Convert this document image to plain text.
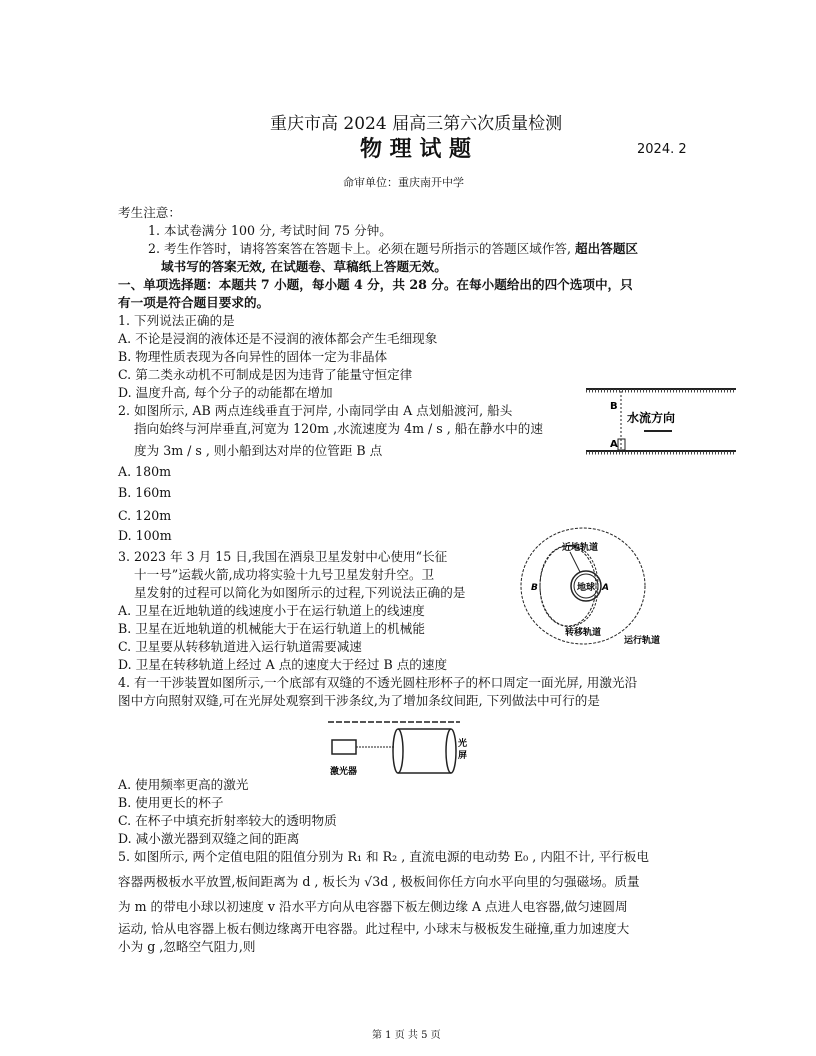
重庆市高 2024 届高三第六次质量检测
物 理 试 题	2024. 2
命审单位：重庆南开中学
考生注意：
1. 本试卷满分 100 分, 考试时间 75 分钟。
2. 考生作答时，请将答案答在答题卡上。必须在题号所指示的答题区域作答, 超出答题区
域书写的答案无效, 在试题卷、草稿纸上答题无效。
一、单项选择题：本题共 7 小题，每小题 4 分，共 28 分。在每小题给出的四个选项中，只
有一项是符合题目要求的。
1. 下列说法正确的是
A. 不论是浸润的液体还是不浸润的液体都会产生毛细现象
B. 物理性质表现为各向异性的固体一定为非晶体
C. 第二类永动机不可制成是因为违背了能量守恒定律
D. 温度升高, 每个分子的动能都在增加
2. 如图所示, AB 两点连线垂直于河岸, 小南同学由 A 点划船渡河, 船头
指向始终与河岸垂直,河宽为 120m ,水流速度为 4m / s , 船在静水中的速
度为 3m / s , 则小船到达对岸的位管距 B 点
A. 180m
B. 160m
C. 120m
D. 100m
B
A
水流方向
近地轨道
地球 A
B
转移轨道
运行轨道
3. 2023 年 3 月 15 日,我国在酒泉卫星发射中心使用“长征
十一号”运载火箭,成功将实验十九号卫星发射升空。卫
星发射的过程可以简化为如图所示的过程,下列说法正确的是
A. 卫星在近地轨道的线速度小于在运行轨道上的线速度
B. 卫星在近地轨道的机械能大于在运行轨道上的机械能
C. 卫星要从转移轨道进入运行轨道需要减速
D. 卫星在转移轨道上经过 A 点的速度大于经过 B 点的速度
4. 有一干涉装置如图所示,一个底部有双缝的不透光圆柱形杯子的杯口周定一面光屏, 用激光沿
图中方向照射双缝,可在光屏处观察到干涉条纹,为了增加条纹间距, 下列做法中可行的是
激光器
光
屏
A. 使用频率更高的激光
B. 使用更长的杯子
C. 在杯子中填充折射率较大的透明物质
D. 减小激光器到双缝之间的距离
5. 如图所示, 两个定值电阻的阻值分别为 R₁ 和 R₂ , 直流电源的电动势 E₀ , 内阻不计, 平行板电
容器两极板水平放置,板间距离为 d , 板长为 √3d , 极板间你任方向水平向里的匀强磁场。质量
为 m 的带电小球以初速度 v 沿水平方向从电容器下板左侧边缘 A 点进人电容器,做匀速圆周
运动, 恰从电容器上板右侧边缘离开电容器。此过程中, 小球末与极板发生碰撞,重力加速度大
小为 g ,忽略空气阻力,则
第 1 页 共 5 页
